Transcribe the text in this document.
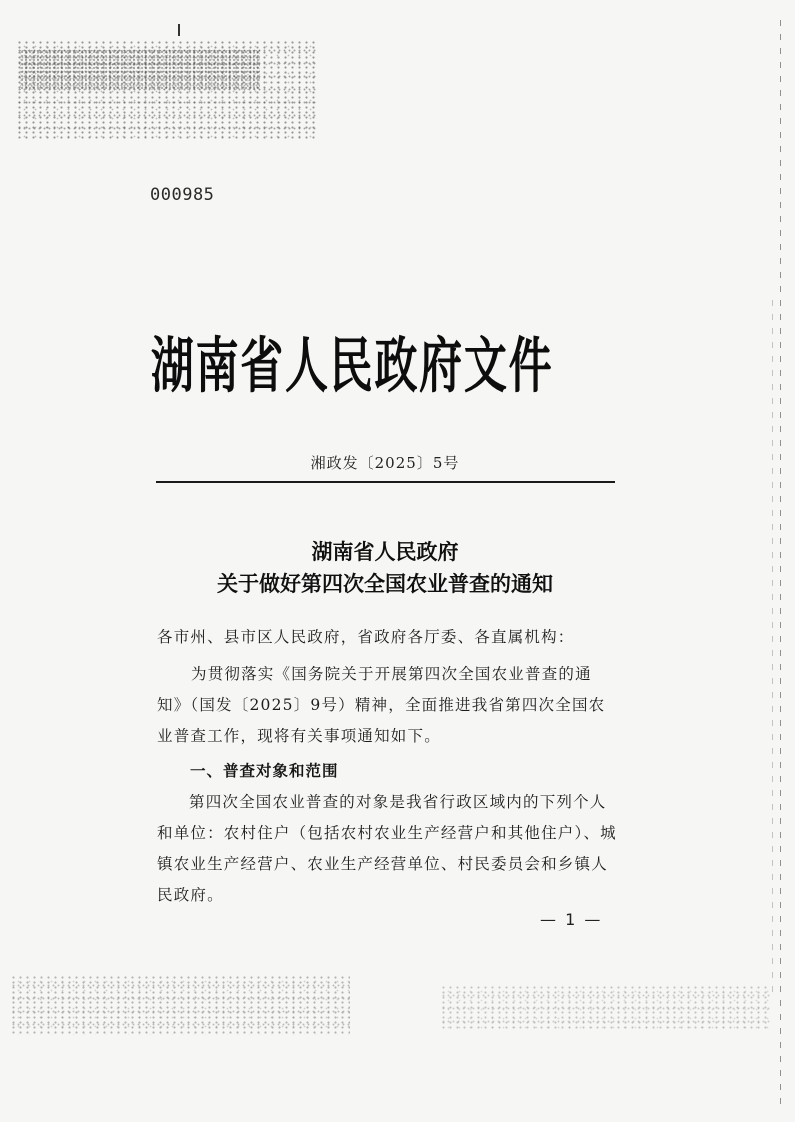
000985
湖南省人民政府文件
湘政发〔2025〕5号
湖南省人民政府
关于做好第四次全国农业普查的通知
各市州、县市区人民政府，省政府各厅委、各直属机构：
为贯彻落实《国务院关于开展第四次全国农业普查的通知》（国发〔2025〕9号）精神，全面推进我省第四次全国农业普查工作，现将有关事项通知如下。
一、普查对象和范围
第四次全国农业普查的对象是我省行政区域内的下列个人和单位：农村住户（包括农村农业生产经营户和其他住户）、城镇农业生产经营户、农业生产经营单位、村民委员会和乡镇人民政府。
— 1 —
